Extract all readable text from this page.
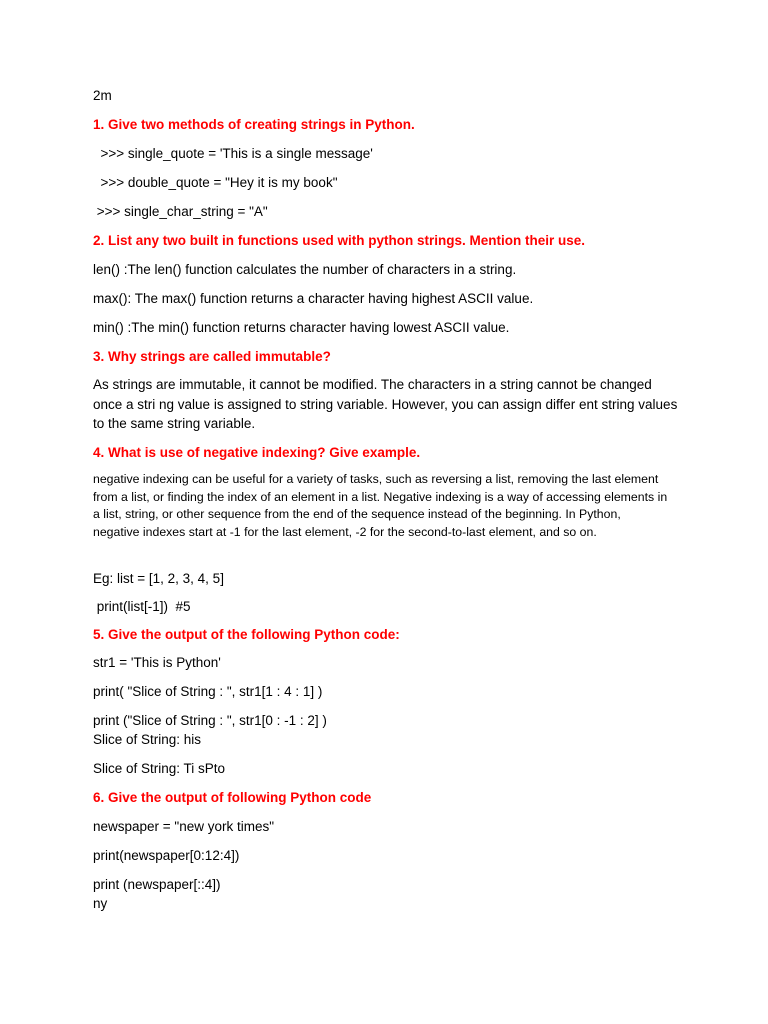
2m
1. Give two methods of creating strings in Python.
>>> single_quote = 'This is a single message'
>>> double_quote = "Hey it is my book"
>>> single_char_string = "A"
2. List any two built in functions used with python strings. Mention their use.
len() :The len() function calculates the number of characters in a string.
max(): The max() function returns a character having highest ASCII value.
min() :The min() function returns character having lowest ASCII value.
3. Why strings are called immutable?
As strings are immutable, it cannot be modified. The characters in a string cannot be changed once a stri ng value is assigned to string variable. However, you can assign differ ent string values to the same string variable.
4. What is use of negative indexing? Give example.
negative indexing can be useful for a variety of tasks, such as reversing a list, removing the last element from a list, or finding the index of an element in a list. Negative indexing is a way of accessing elements in a list, string, or other sequence from the end of the sequence instead of the beginning. In Python, negative indexes start at -1 for the last element, -2 for the second-to-last element, and so on.
Eg: list = [1, 2, 3, 4, 5]
print(list[-1])  #5
5. Give the output of the following Python code:
str1 = 'This is Python'
print( "Slice of String : ", str1[1 : 4 : 1] )
print ("Slice of String : ", str1[0 : -1 : 2] )
Slice of String: his
Slice of String: Ti sPto
6. Give the output of following Python code
newspaper = "new york times"
print(newspaper[0:12:4])
print (newspaper[::4])
ny
